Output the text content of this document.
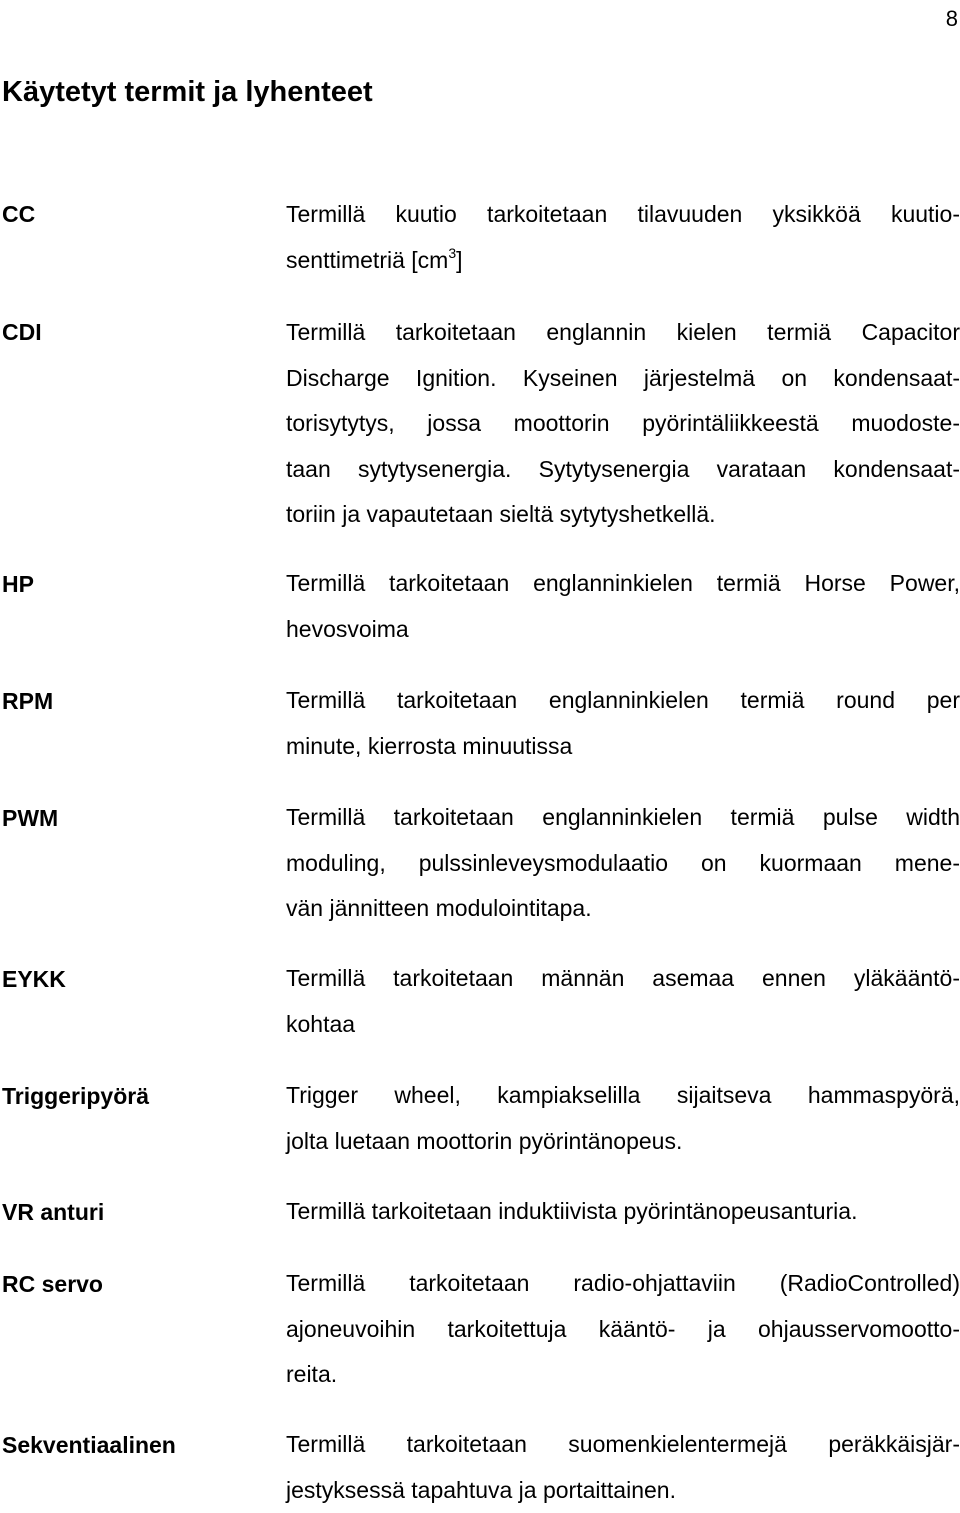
8
Käytetyt termit ja lyhenteet
CC	Termillä kuutio tarkoitetaan tilavuuden yksikköä kuutio-
senttimetriä $[cm^3]$
CDI	Termillä tarkoitetaan englannin kielen termiä Capacitor
Discharge Ignition. Kyseinen järjestelmä on kondensaat-
torisytytys, jossa moottorin pyörintäliikkeestä muodoste-
taan sytytysenergia. Sytytysenergia varataan kondensaat-
toriin ja vapautetaan sieltä sytytyshetkellä.
HP	Termillä tarkoitetaan englanninkielen termiä Horse Power,
hevosvoima
RPM	Termillä tarkoitetaan englanninkielen termiä round per
minute, kierrosta minuutissa
PWM	Termillä tarkoitetaan englanninkielen termiä pulse width
moduling, pulssinleveysmodulaatio on kuormaan mene-
vän jännitteen modulointitapa.
EYKK	Termillä tarkoitetaan männän asemaa ennen yläkääntö-
kohtaa
Triggeripyörä	Trigger wheel, kampiakselilla sijaitseva hammaspyörä,
jolta luetaan moottorin pyörintänopeus.
VR anturi	Termillä tarkoitetaan induktiivista pyörintänopeusanturia.
RC servo	Termillä tarkoitetaan radio-ohjattaviin (RadioControlled)
ajoneuvoihin tarkoitettuja kääntö- ja ohjausservomootto-
reita.
Sekventiaalinen	Termillä tarkoitetaan suomenkielentermejä peräkkäisjär-
jestyksessä tapahtuva ja portaittainen.
